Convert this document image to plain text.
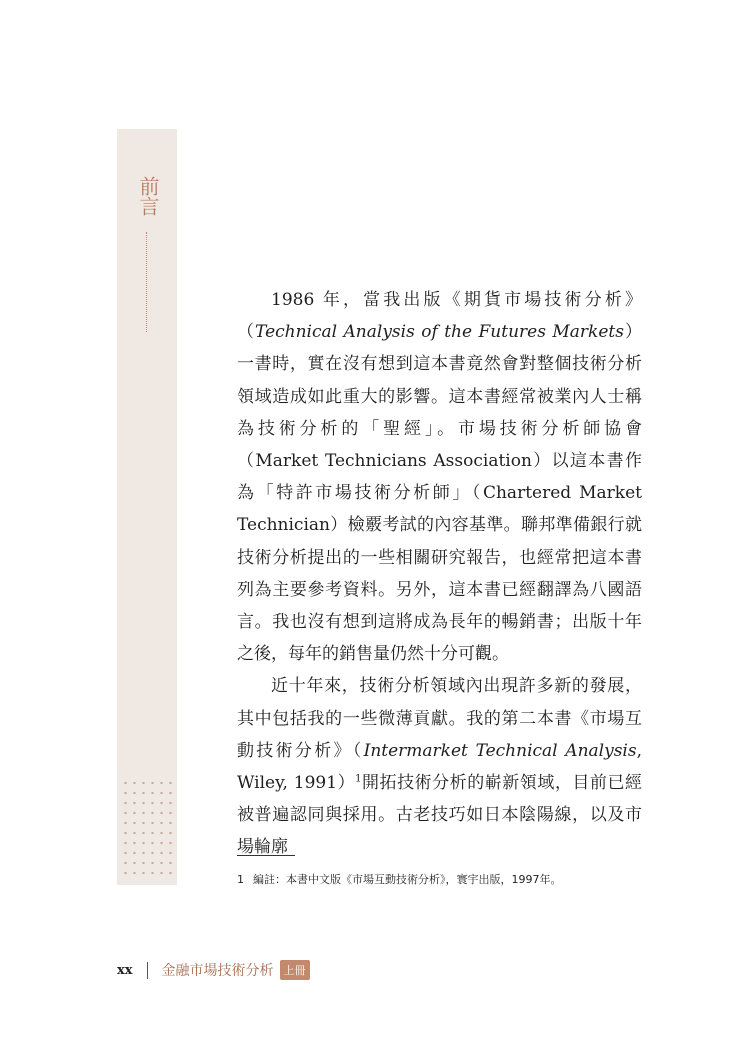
前言

1986 年，當我出版《期貨市場技術分析》（Technical Analysis of the Futures Markets）一書時，實在沒有想到這本書竟然會對整個技術分析領域造成如此重大的影響。這本書經常被業內人士稱為技術分析的「聖經」。市場技術分析師協會（Market Technicians Association）以這本書作為「特許市場技術分析師」（Chartered Market Technician）檢覈考試的內容基準。聯邦準備銀行就技術分析提出的一些相關研究報告，也經常把這本書列為主要參考資料。另外，這本書已經翻譯為八國語言。我也沒有想到這將成為長年的暢銷書；出版十年之後，每年的銷售量仍然十分可觀。

近十年來，技術分析領域內出現許多新的發展，其中包括我的一些微薄貢獻。我的第二本書《市場互動技術分析》（Intermarket Technical Analysis, Wiley, 1991）$^1$開拓技術分析的嶄新領域，目前已經被普遍認同與採用。古老技巧如日本陰陽線，以及市場輪廓

1 編註：本書中文版《市場互動技術分析》，寰宇出版，1997年。
xx 金融市場技術分析 上冊
